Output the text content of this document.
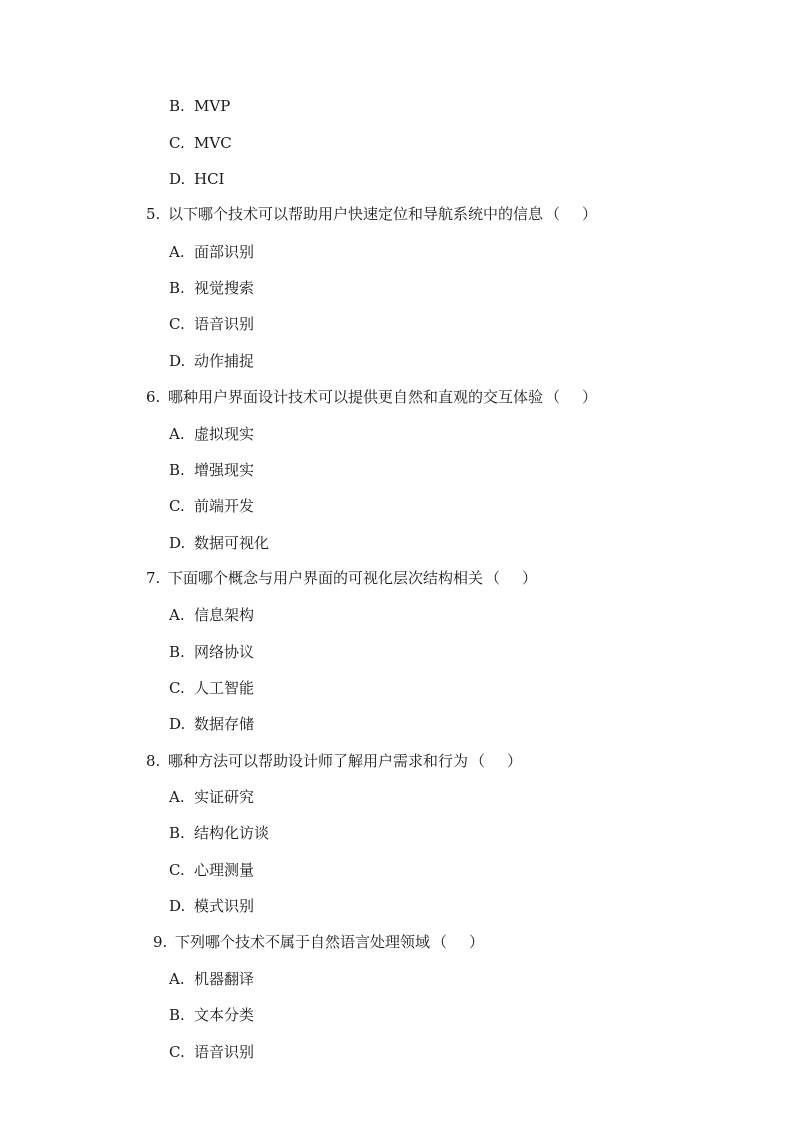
B. MVP
C. MVC
D. HCI
5. 以下哪个技术可以帮助用户快速定位和导航系统中的信息 （ ）
A. 面部识别
B. 视觉搜索
C. 语音识别
D. 动作捕捉
6. 哪种用户界面设计技术可以提供更自然和直观的交互体验 （ ）
A. 虚拟现实
B. 增强现实
C. 前端开发
D. 数据可视化
7. 下面哪个概念与用户界面的可视化层次结构相关 （ ）
A. 信息架构
B. 网络协议
C. 人工智能
D. 数据存储
8. 哪种方法可以帮助设计师了解用户需求和行为 （ ）
A. 实证研究
B. 结构化访谈
C. 心理测量
D. 模式识别
9. 下列哪个技术不属于自然语言处理领域 （ ）
A. 机器翻译
B. 文本分类
C. 语音识别
